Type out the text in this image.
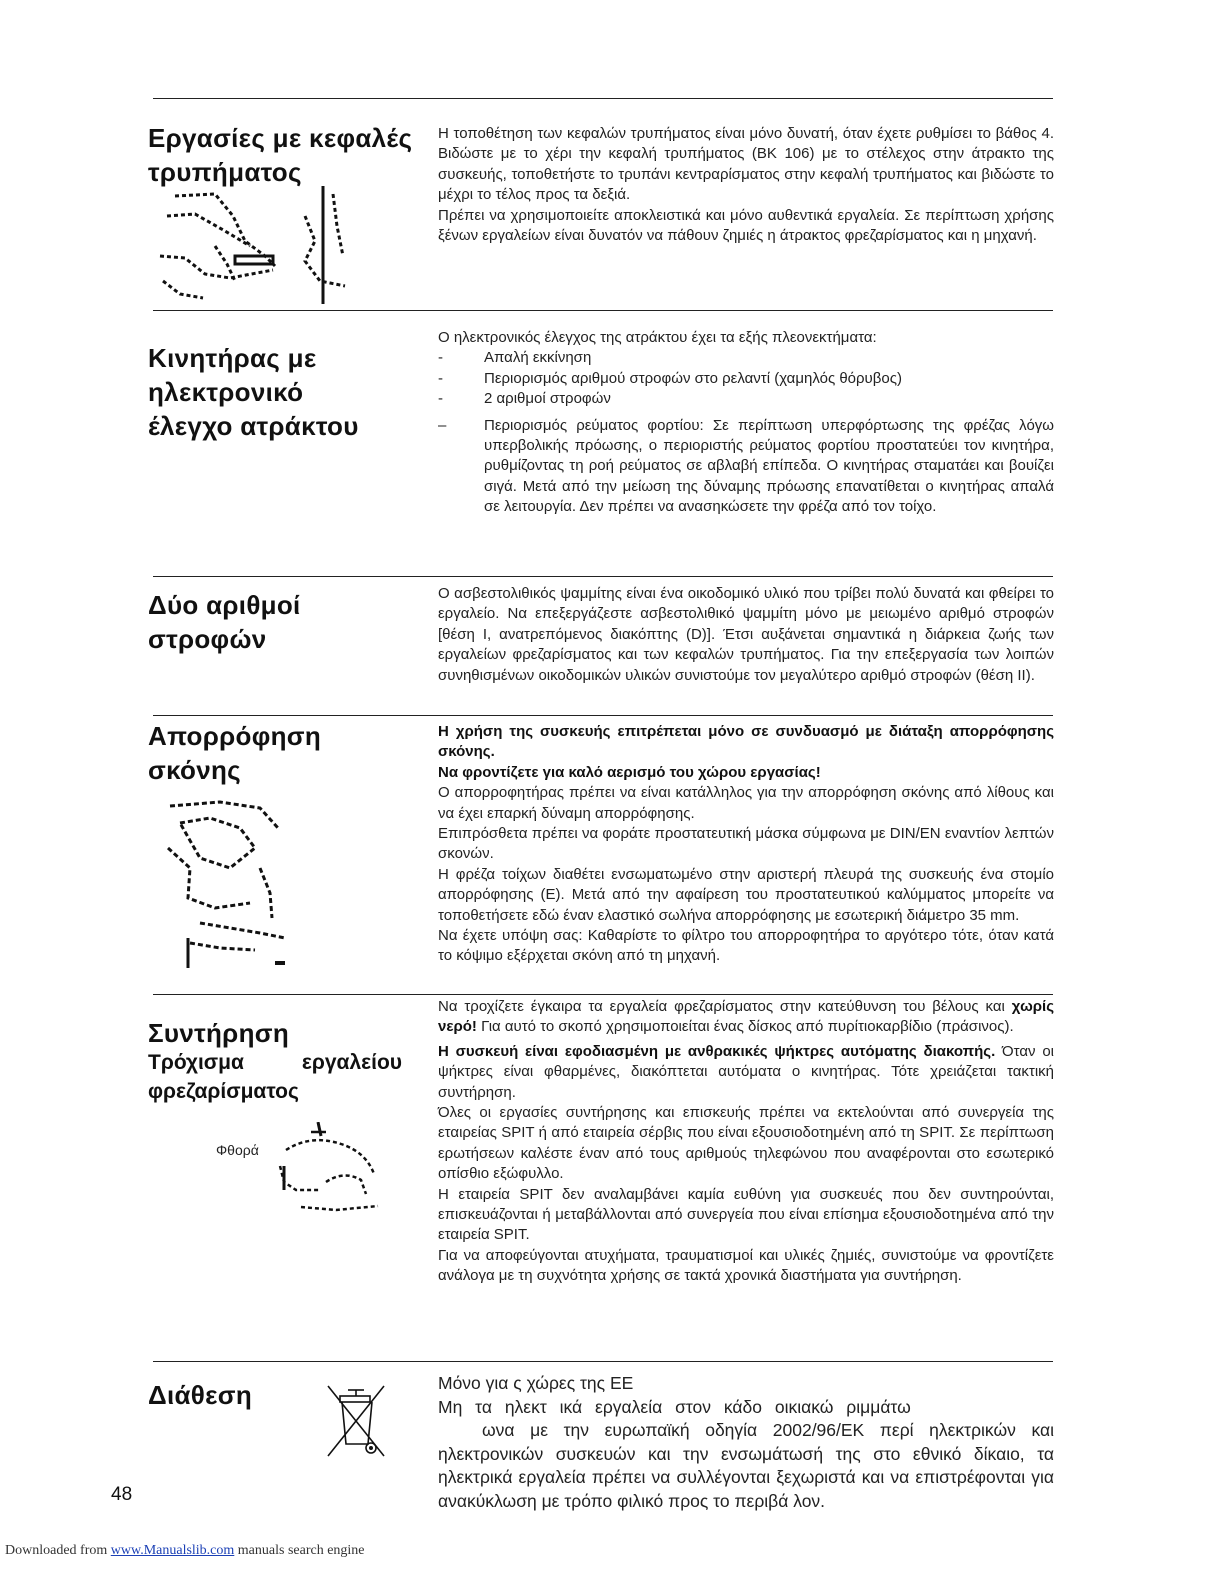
Εργασίες με κεφαλές
τρυπήματος

Η τοποθέτηση των κεφαλών τρυπήματος είναι μόνο δυνατή, όταν έχετε ρυθμίσει το βάθος 4. Βιδώστε με το χέρι την κεφαλή τρυπήματος (BK 106) με το στέλεχος στην άτρακτο της συσκευής, τοποθετήστε το τρυπάνι κεντραρίσματος στην κεφαλή τρυπήματος και βιδώστε το μέχρι το τέλος προς τα δεξιά.

Πρέπει να χρησιμοποιείτε αποκλειστικά και μόνο αυθεντικά εργαλεία. Σε περίπτωση χρήσης ξένων εργαλείων είναι δυνατόν να πάθουν ζημιές η άτρακτος φρεζαρίσματος και η μηχανή.

Κινητήρας με
ηλεκτρονικό
έλεγχο ατράκτου

Ο ηλεκτρονικός έλεγχος της ατράκτου έχει τα εξής πλεονεκτήματα:

-	Απαλή εκκίνηση
-	Περιορισμός αριθμού στροφών στο ρελαντί (χαμηλός θόρυβος)
-	2 αριθμοί στροφών
–	Περιορισμός ρεύματος φορτίου: Σε περίπτωση υπερφόρτωσης της φρέζας λόγω υπερβολικής πρόωσης, ο περιοριστής ρεύματος φορτίου προστατεύει τον κινητήρα, ρυθμίζοντας τη ροή ρεύματος σε αβλαβή επίπεδα. Ο κινητήρας σταματάει και βουίζει σιγά. Μετά από την μείωση της δύναμης πρόωσης επανατίθεται ο κινητήρας απαλά σε λειτουργία. Δεν πρέπει να ανασηκώσετε την φρέζα από τον τοίχο.
Δύο αριθμοί
στροφών

Ο ασβεστολιθικός ψαμμίτης είναι ένα οικοδομικό υλικό που τρίβει πολύ δυνατά και φθείρει το εργαλείο. Να επεξεργάζεστε ασβεστολιθικό ψαμμίτη μόνο με μειωμένο αριθμό στροφών [θέση I, ανατρεπόμενος διακόπτης (D)]. Έτσι αυξάνεται σημαντικά η διάρκεια ζωής των εργαλείων φρεζαρίσματος και των κεφαλών τρυπήματος. Για την επεξεργασία των λοιπών συνηθισμένων οικοδομικών υλικών συνιστούμε τον μεγαλύτερο αριθμό στροφών (θέση II).

Απορρόφηση
σκόνης

Η χρήση της συσκευής επιτρέπεται μόνο σε συνδυασμό με διάταξη απορρόφησης σκόνης.

Να φροντίζετε για καλό αερισμό του χώρου εργασίας!

Ο απορροφητήρας πρέπει να είναι κατάλληλος για την απορρόφηση σκόνης από λίθους και να έχει επαρκή δύναμη απορρόφησης.

Επιπρόσθετα πρέπει να φοράτε προστατευτική μάσκα σύμφωνα με DIN/EN εναντίον λεπτών σκονών.

Η φρέζα τοίχων διαθέτει ενσωματωμένο στην αριστερή πλευρά της συσκευής ένα στομίο απορρόφησης (E). Μετά από την αφαίρεση του προστατευτικού καλύμματος μπορείτε να τοποθετήσετε εδώ έναν ελαστικό σωλήνα απορρόφησης με εσωτερική διάμετρο 35 mm.

Να έχετε υπόψη σας: Καθαρίστε το φίλτρο του απορροφητήρα το αργότερο τότε, όταν κατά το κόψιμο εξέρχεται σκόνη από τη μηχανή.

Συντήρηση
Τρόχισμα	εργαλείου
φρεζαρίσματος
Φθορά

Να τροχίζετε έγκαιρα τα εργαλεία φρεζαρίσματος στην κατεύθυνση του βέλους και χωρίς νερό! Για αυτό το σκοπό χρησιμοποιείται ένας δίσκος από πυρίτιοκαρβίδιο (πράσινος).

Η συσκευή είναι εφοδιασμένη με ανθρακικές ψήκτρες αυτόματης διακοπής. Όταν οι ψήκτρες είναι φθαρμένες, διακόπτεται αυτόματα ο κινητήρας. Τότε χρειάζεται τακτική συντήρηση.

Όλες οι εργασίες συντήρησης και επισκευής πρέπει να εκτελούνται από συνεργεία της εταιρείας SPIT ή από εταιρεία σέρβις που είναι εξουσιοδοτημένη από τη SPIT. Σε περίπτωση ερωτήσεων καλέστε έναν από τους αριθμούς τηλεφώνου που αναφέρονται στο εσωτερικό οπίσθιο εξώφυλλο.

Η εταιρεία SPIT δεν αναλαμβάνει καμία ευθύνη για συσκευές που δεν συντηρούνται, επισκευάζονται ή μεταβάλλονται από συνεργεία που είναι επίσημα εξουσιοδοτημένα από την εταιρεία SPIT.

Για να αποφεύγονται ατυχήματα, τραυματισμοί και υλικές ζημιές, συνιστούμε να φροντίζετε ανάλογα με τη συχνότητα χρήσης σε τακτά χρονικά διαστήματα για συντήρηση.

Διάθεση	Μόνο για ς χώρες της ΕΕ

Μη τα ηλεκτ ικά εργαλεία στον κάδο οικιακώ ριμμάτω

ωνα με την ευρωπαϊκή οδηγία 2002/96/ΕΚ περί ηλεκτρικών και ηλεκτρονικών συσκευών και την ενσωμάτωσή της στο εθνικό δίκαιο, τα ηλεκτρικά εργαλεία πρέπει να συλλέγονται ξεχωριστά και να επιστρέφονται για ανακύκλωση με τρόπο φιλικό προς το περιβά λον.

48
Downloaded from www.Manualslib.com manuals search engine
